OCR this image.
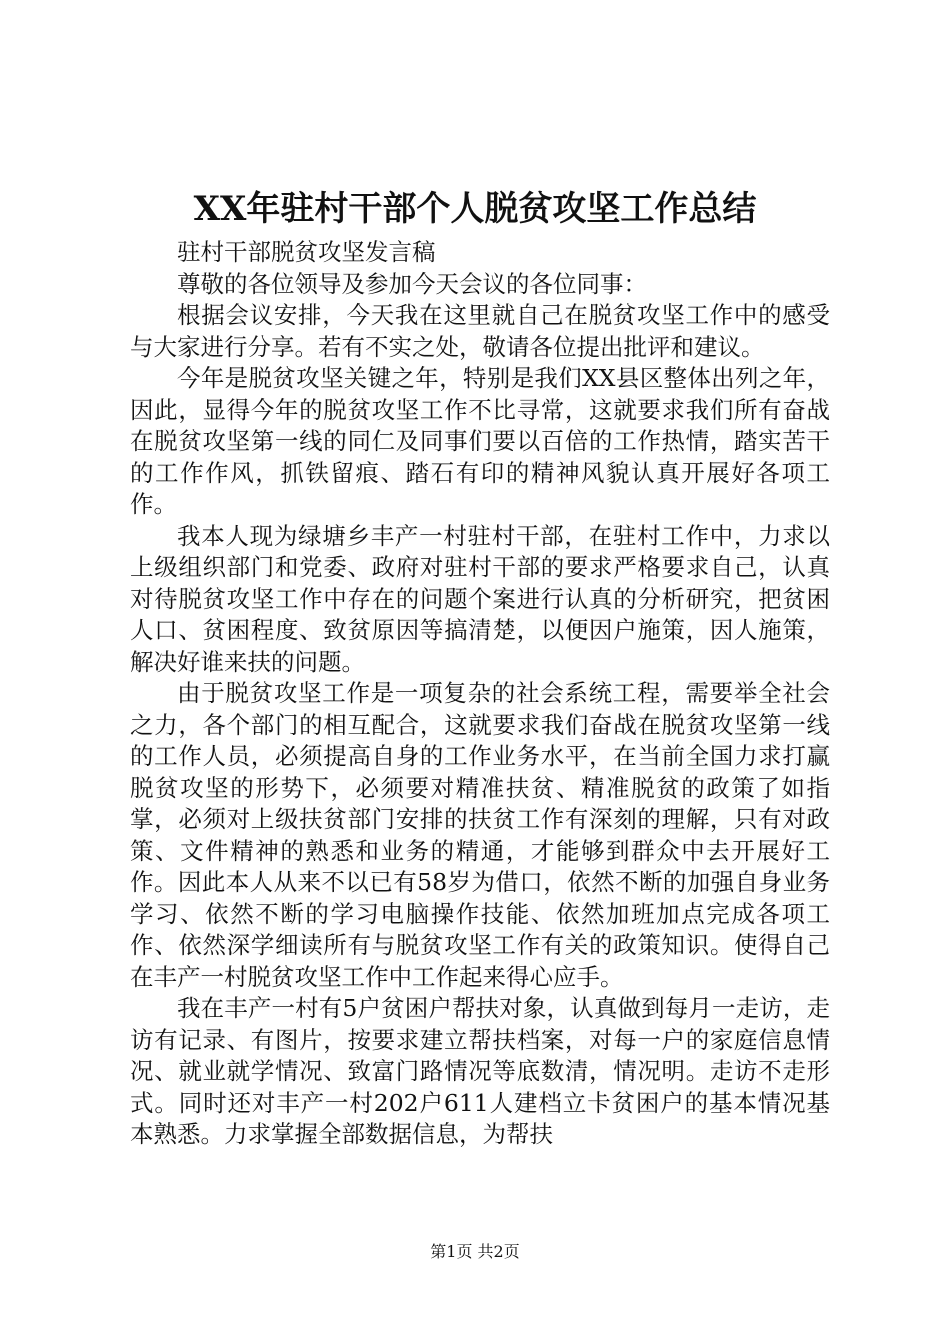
XX年驻村干部个人脱贫攻坚工作总结

驻村干部脱贫攻坚发言稿

尊敬的各位领导及参加今天会议的各位同事：

根据会议安排，今天我在这里就自己在脱贫攻坚工作中的感受与大家进行分享。若有不实之处，敬请各位提出批评和建议。

今年是脱贫攻坚关键之年，特别是我们XX县区整体出列之年，因此，显得今年的脱贫攻坚工作不比寻常，这就要求我们所有奋战在脱贫攻坚第一线的同仁及同事们要以百倍的工作热情，踏实苦干的工作作风，抓铁留痕、踏石有印的精神风貌认真开展好各项工作。

我本人现为绿塘乡丰产一村驻村干部，在驻村工作中，力求以上级组织部门和党委、政府对驻村干部的要求严格要求自己，认真对待脱贫攻坚工作中存在的问题个案进行认真的分析研究，把贫困人口、贫困程度、致贫原因等搞清楚，以便因户施策，因人施策，解决好谁来扶的问题。

由于脱贫攻坚工作是一项复杂的社会系统工程，需要举全社会之力，各个部门的相互配合，这就要求我们奋战在脱贫攻坚第一线的工作人员，必须提高自身的工作业务水平，在当前全国力求打赢脱贫攻坚的形势下，必须要对精准扶贫、精准脱贫的政策了如指掌，必须对上级扶贫部门安排的扶贫工作有深刻的理解，只有对政策、文件精神的熟悉和业务的精通，才能够到群众中去开展好工作。因此本人从来不以已有58岁为借口，依然不断的加强自身业务学习、依然不断的学习电脑操作技能、依然加班加点完成各项工作、依然深学细读所有与脱贫攻坚工作有关的政策知识。使得自己在丰产一村脱贫攻坚工作中工作起来得心应手。

我在丰产一村有5户贫困户帮扶对象，认真做到每月一走访，走访有记录、有图片，按要求建立帮扶档案，对每一户的家庭信息情况、就业就学情况、致富门路情况等底数清，情况明。走访不走形式。同时还对丰产一村202户611人建档立卡贫困户的基本情况基本熟悉。力求掌握全部数据信息，为帮扶

第1页 共2页
